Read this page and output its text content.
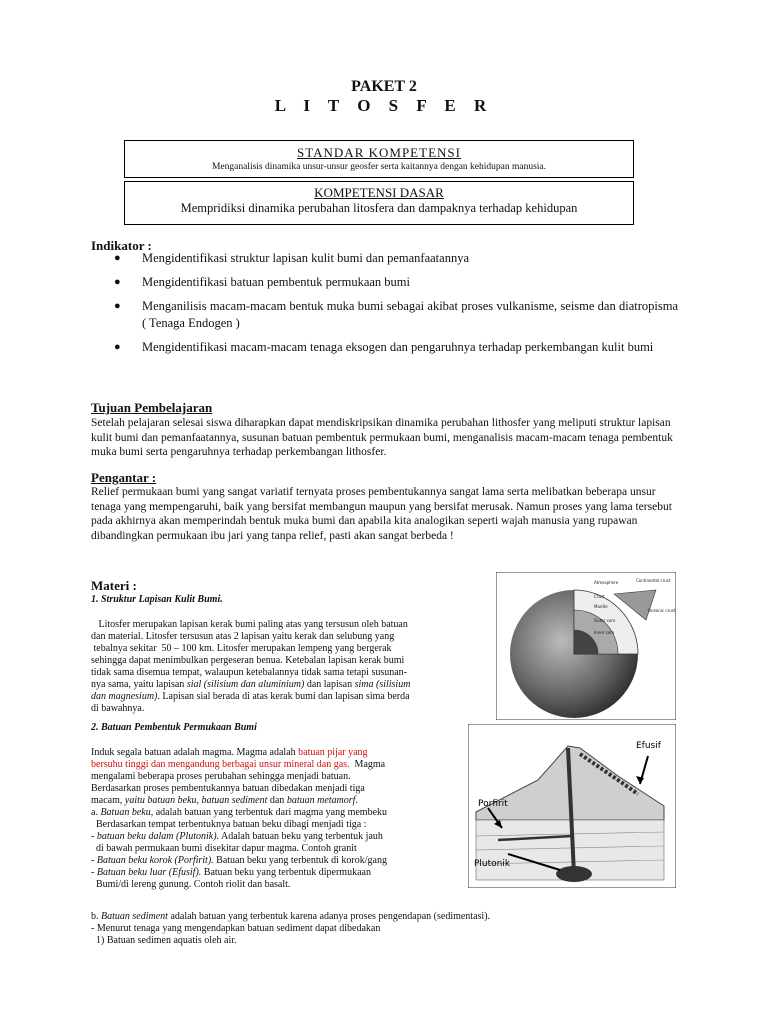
PAKET 2
L I T O S F E R
STANDAR KOMPETENSI
Menganalisis dinamika unsur-unsur geosfer serta kaitannya dengan kehidupan manusia.
KOMPETENSI DASAR
Mempridiksi dinamika perubahan litosfera dan dampaknya terhadap kehidupan
Indikator :
● Mengidentifikasi struktur lapisan kulit bumi dan pemanfaatannya
● Mengidentifikasi batuan pembentuk permukaan bumi
● Menganilisis macam-macam bentuk muka bumi sebagai akibat proses vulkanisme, seisme dan diatropisma ( Tenaga Endogen )
● Mengidentifikasi macam-macam tenaga eksogen dan pengaruhnya terhadap perkembangan kulit bumi
Tujuan Pembelajaran
Setelah pelajaran selesai siswa diharapkan dapat mendiskripsikan dinamika perubahan lithosfer yang meliputi struktur lapisan kulit bumi dan pemanfaatannya, susunan batuan pembentuk permukaan bumi, menganalisis macam-macam tenaga pembentuk muka bumi serta pengaruhnya terhadap perkembangan lithosfer.
Pengantar :
Relief permukaan bumi yang sangat variatif ternyata proses pembentukannya sangat lama serta melibatkan beberapa unsur tenaga yang mempengaruhi, baik yang bersifat membangun maupun yang bersifat merusak. Namun proses yang lama tersebut pada akhirnya akan memperindah bentuk muka bumi dan apabila kita analogikan seperti wajah manusia yang rupawan dibandingkan permukaan ibu jari yang tanpa relief, pasti akan sangat berbeda !
Materi :
1. Struktur Lapisan Kulit Bumi.

Litosfer merupakan lapisan kerak bumi paling atas yang tersusun oleh batuan
dan material. Litosfer tersusun atas 2 lapisan yaitu kerak dan selubung yang
tebalnya sekitar  50 – 100 km. Litosfer merupakan lempeng yang bergerak
sehingga dapat menimbulkan pergeseran benua. Ketebalan lapisan kerak bumi
tidak sama disemua tempat, walaupun ketebalannya tidak sama tetapi susunan-
nya sama, yaitu lapisan sial (silisium dan aluminium) dan lapisan sima (silisium
dan magnesium). Lapisan sial berada di atas kerak bumi dan lapisan sima berda
di bawahnya.

Atmosphere
Crust
Mantle
Outer core
Inner core
Continental crust
Oceanic crust
2. Batuan Pembentuk Permukaan Bumi

Induk segala batuan adalah magma. Magma adalah batuan pijar yang
bersuhu tinggi dan mengandung berbagai unsur mineral dan gas.  Magma
mengalami beberapa proses perubahan sehingga menjadi batuan.
Berdasarkan proses pembentukannya batuan dibedakan menjadi tiga
macam, yaitu batuan beku, batuan sediment dan batuan metamorf.
a. Batuan beku, adalah batuan yang terbentuk dari magma yang membeku
Berdasarkan tempat terbentuknya batuan beku dibagi menjadi tiga :
- batuan beku dalam (Plutonik). Adalah batuan beku yang terbentuk jauh
di bawah permukaan bumi disekitar dapur magma. Contoh granit
- Batuan beku korok (Porfirit). Batuan beku yang terbentuk di korok/gang
- Batuan beku luar (Efusif). Batuan beku yang terbentuk dipermukaan
Bumi/di lereng gunung. Contoh riolit dan basalt.

Efusif
Porfirit
Plutonik

b. Batuan sediment adalah batuan yang terbentuk karena adanya proses pengendapan (sedimentasi).
- Menurut tenaga yang mengendapkan batuan sediment dapat dibedakan
1) Batuan sedimen aquatis oleh air.
